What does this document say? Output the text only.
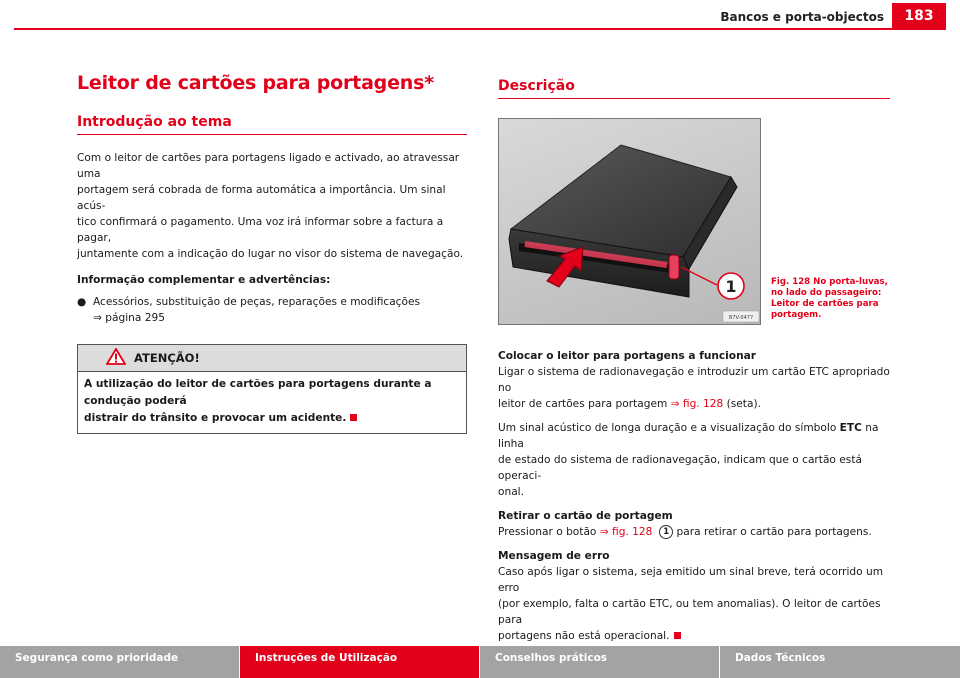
Bancos e porta-objectos	183
Leitor de cartões para portagens*
Introdução ao tema
Com o leitor de cartões para portagens ligado e activado, ao atravessar uma
portagem será cobrada de forma automática a importância. Um sinal acús-
tico confirmará o pagamento. Uma voz irá informar sobre a factura a pagar,
juntamente com a indicação do lugar no visor do sistema de navegação.
Informação complementar e advertências:
● Acessórios, substituição de peças, reparações e modificações
⇒ página 295
ATENÇÃO!
A utilização do leitor de cartões para portagens durante a condução poderá
distrair do trânsito e provocar um acidente.
Descrição
1
B7V-0477
Fig. 128 No porta-luvas,
no lado do passageiro:
Leitor de cartões para
portagem.
Colocar o leitor para portagens a funcionar
Ligar o sistema de radionavegação e introduzir um cartão ETC apropriado no
leitor de cartões para portagem ⇒ fig. 128 (seta).
Um sinal acústico de longa duração e a visualização do símbolo ETC na linha
de estado do sistema de radionavegação, indicam que o cartão está operaci-
onal.
Retirar o cartão de portagem
Pressionar o botão ⇒ fig. 128 1 para retirar o cartão para portagens.
Mensagem de erro
Caso após ligar o sistema, seja emitido um sinal breve, terá ocorrido um erro
(por exemplo, falta o cartão ETC, ou tem anomalias). O leitor de cartões para
portagens não está operacional.
Segurança como prioridade	Instruções de Utilização	Conselhos práticos	Dados Técnicos
